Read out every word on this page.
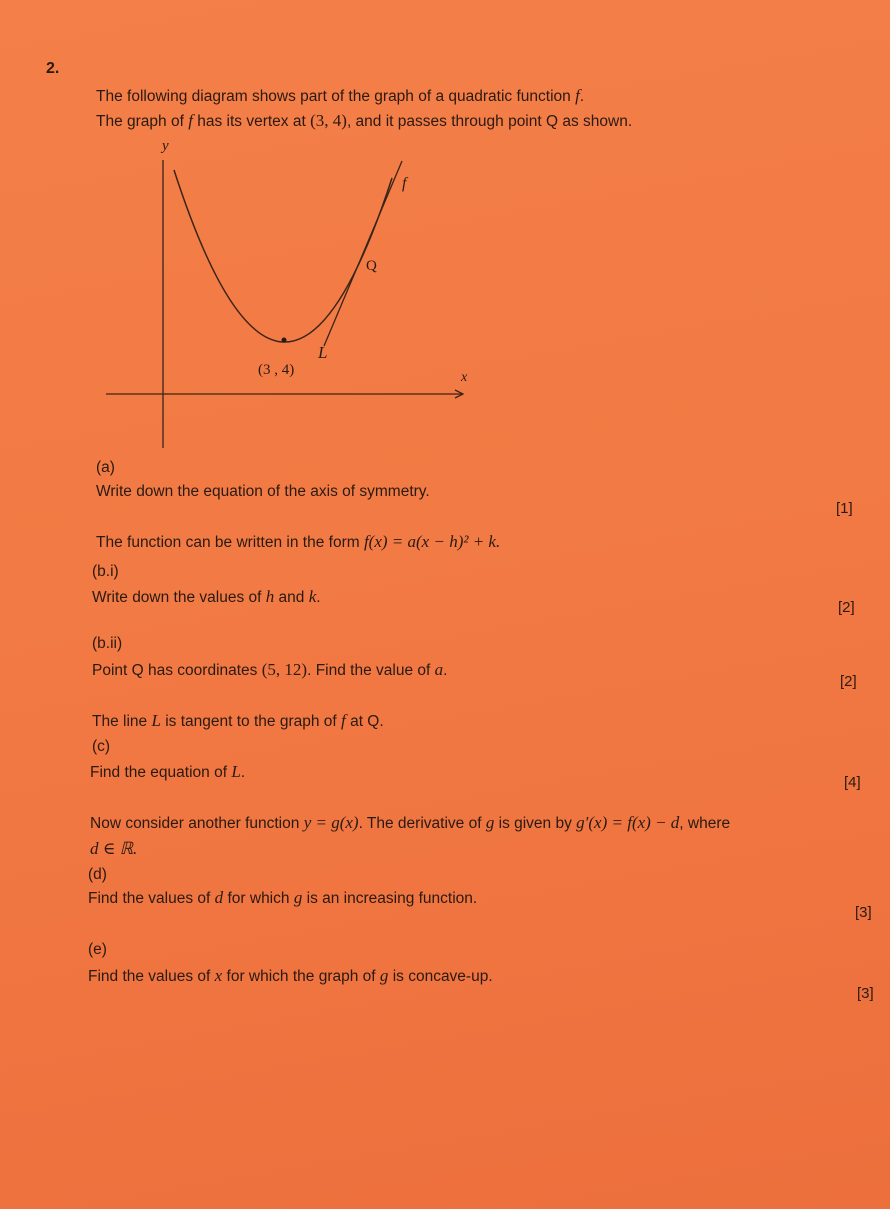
2.
The following diagram shows part of the graph of a quadratic function f.
The graph of f has its vertex at (3, 4), and it passes through point Q as shown.
y
x
f
Q
L
(3 , 4)
(a)
Write down the equation of the axis of symmetry.
[1]
The function can be written in the form f(x) = a(x − h)² + k.
(b.i)
Write down the values of h and k.
[2]
(b.ii)
Point Q has coordinates (5, 12). Find the value of a.
[2]
The line L is tangent to the graph of f at Q.
(c)
Find the equation of L.
[4]
Now consider another function y = g(x). The derivative of g is given by g′(x) = f(x) − d, where
d ∈ ℝ.
(d)
Find the values of d for which g is an increasing function.
[3]
(e)
Find the values of x for which the graph of g is concave-up.
[3]
